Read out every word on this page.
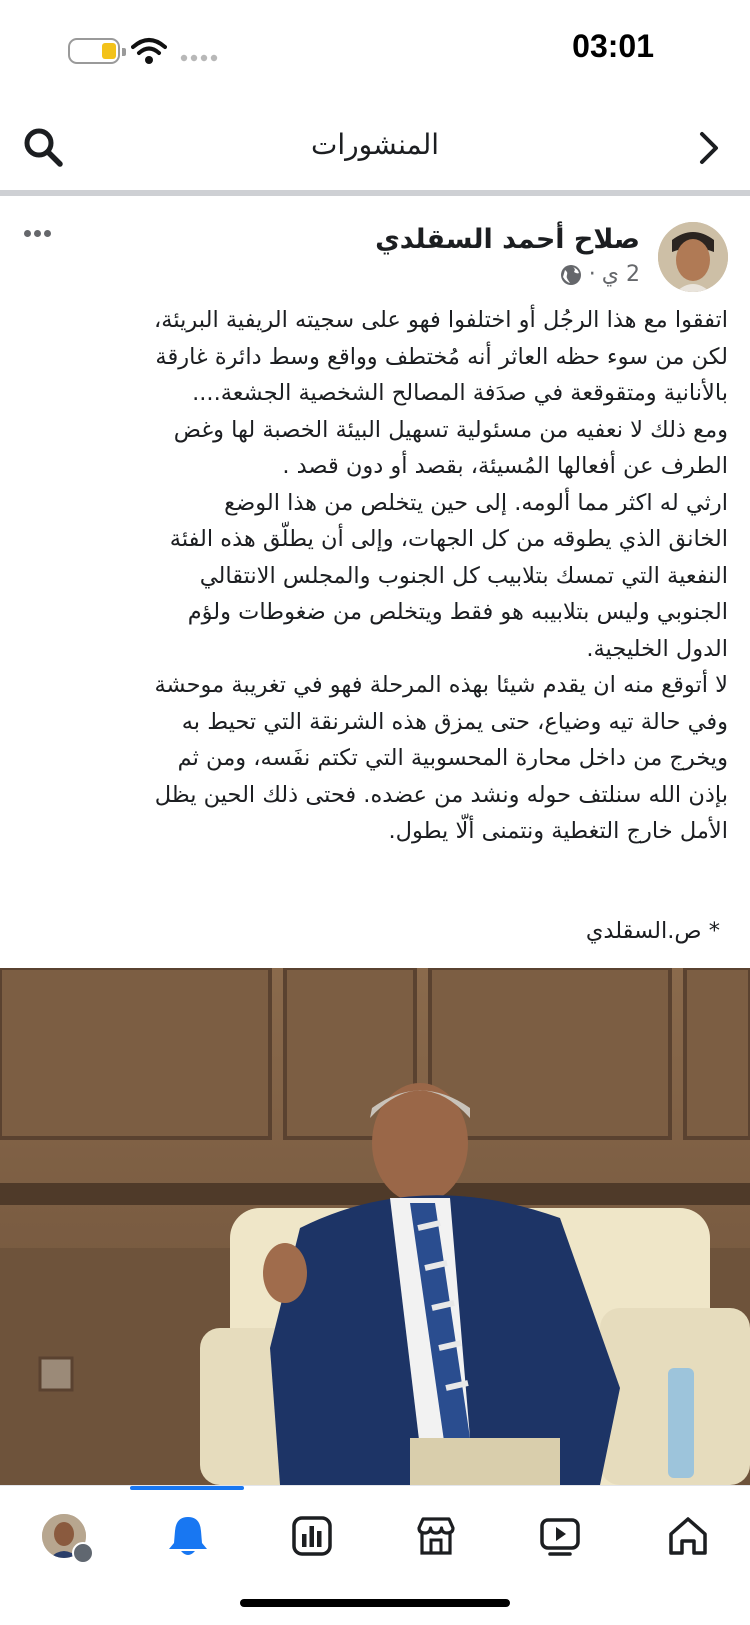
03:01
المنشورات
صلاح أحمد السقلدي
2 ي
·
اتفقوا مع هذا الرجُل أو اختلفوا فهو على سجيته الريفية البريئة،
لكن من سوء حظه العاثر أنه مُختطف وواقع وسط دائرة غارقة
بالأنانية ومتقوقعة في صدَفة المصالح الشخصية الجشعة....
ومع ذلك لا نعفيه من مسئولية تسهيل البيئة الخصبة لها وغض
الطرف عن أفعالها المُسيئة، بقصد أو دون قصد .
ارثي له اكثر مما ألومه. إلى حين يتخلص من هذا الوضع
الخانق الذي يطوقه من كل الجهات، وإلى أن يطلّق هذه الفئة
النفعية التي تمسك بتلابيب كل الجنوب والمجلس الانتقالي
الجنوبي وليس بتلابيبه هو فقط ويتخلص من ضغوطات ولؤم
الدول الخليجية.
لا أتوقع منه ان يقدم شيئا بهذه المرحلة فهو في تغريبة موحشة
وفي حالة تيه وضياع، حتى يمزق هذه الشرنقة التي تحيط به
ويخرج من داخل محارة المحسوبية التي تكتم نفَسه، ومن ثم
بإذن الله سنلتف حوله ونشد من عضده. فحتى ذلك الحين يظل
الأمل خارج التغطية ونتمنى ألّا يطول.
* ص.السقلدي
